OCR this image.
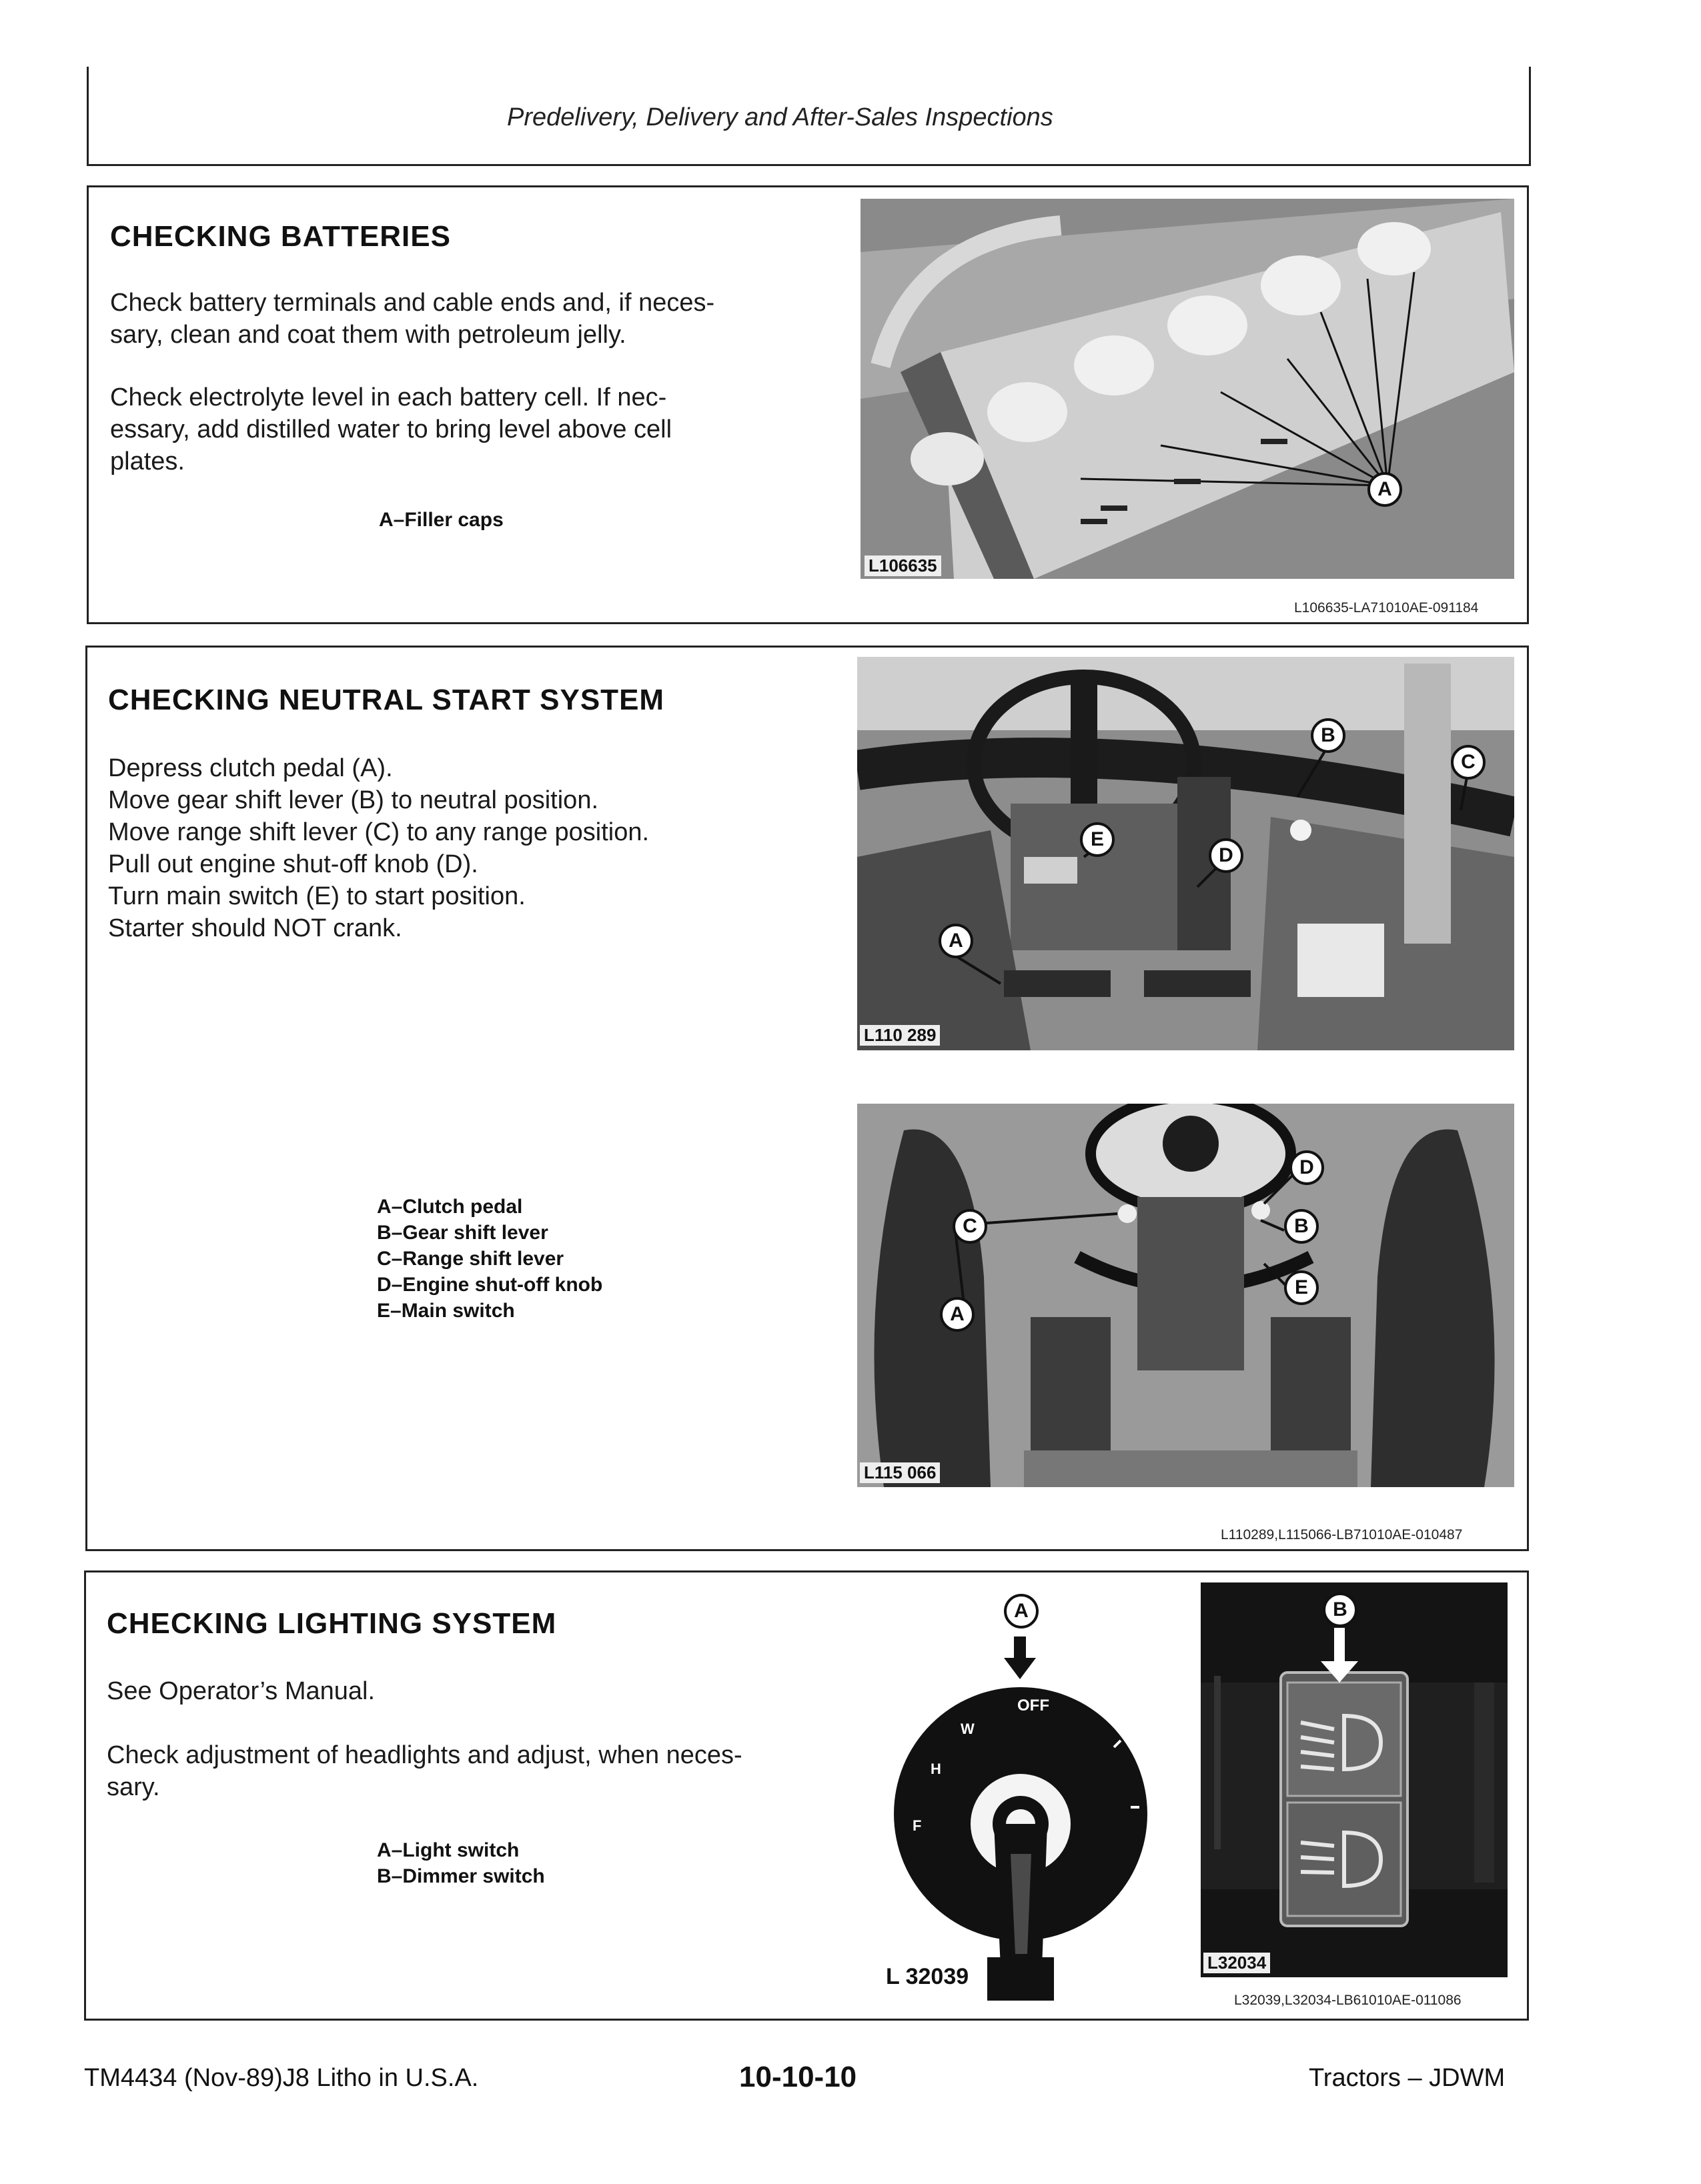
Predelivery, Delivery and After-Sales Inspections
CHECKING BATTERIES
Check battery terminals and cable ends and, if neces-
sary, clean and coat them with petroleum jelly.
Check electrolyte level in each battery cell. If nec-
essary, add distilled water to bring level above cell
plates.
A–Filler caps
A
L106635
L106635-LA71010AE-091184
CHECKING NEUTRAL START SYSTEM
Depress clutch pedal (A).
Move gear shift lever (B) to neutral position.
Move range shift lever (C) to any range position.
Pull out engine shut-off knob (D).
Turn main switch (E) to start position.
Starter should NOT crank.
A–Clutch pedal
B–Gear shift lever
C–Range shift lever
D–Engine shut-off knob
E–Main switch
B
C
E
D
A
L110 289
D
C	B
E
A
L115 066
L110289,L115066-LB71010AE-010487
CHECKING LIGHTING SYSTEM
See Operator’s Manual.
Check adjustment of headlights and adjust, when neces-
sary.
A–Light switch
B–Dimmer switch
A
OFF
W
H
F
L 32039
B
L32034
L32039,L32034-LB61010AE-011086
TM4434 (Nov-89)J8 Litho in U.S.A.	10-10-10	Tractors – JDWM
